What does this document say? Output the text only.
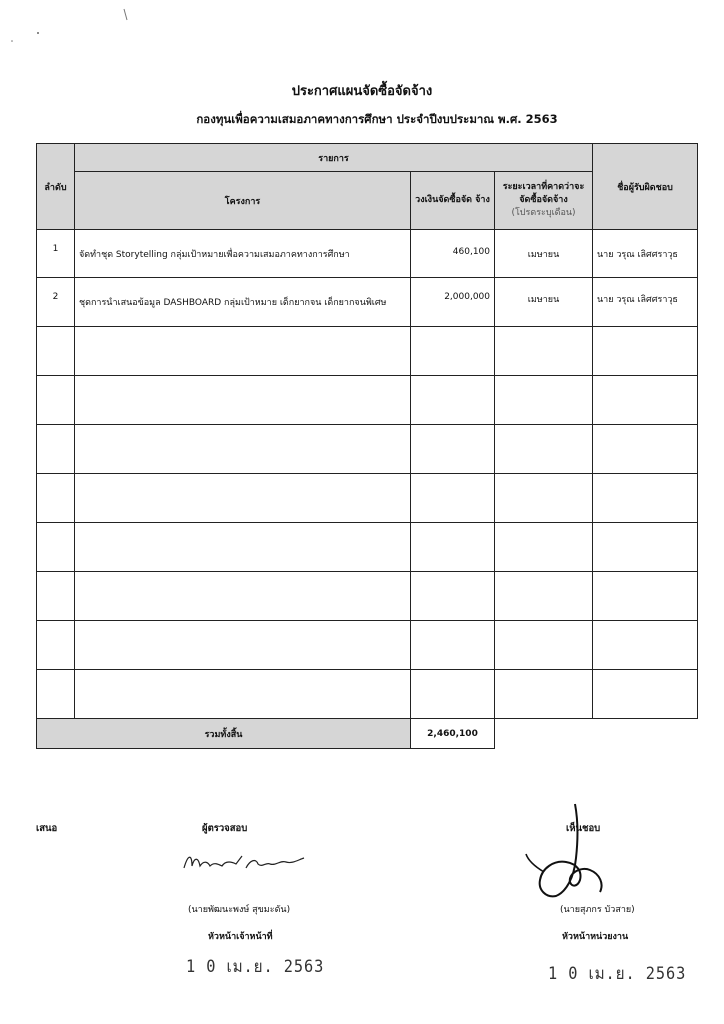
ประกาศแผนจัดซื้อจัดจ้าง
กองทุนเพื่อความเสมอภาคทางการศึกษา ประจำปีงบประมาณ พ.ศ. 2563
ลำดับ	รายการ			ชื่อผู้รับผิดชอบ
	โครงการ	วงเงินจัดซื้อจัด จ้าง	ระยะเวลาที่คาดว่าจะ จัดซื้อจัดจ้าง
(โปรดระบุเดือน)	

1	จัดทำชุด Storytelling กลุ่มเป้าหมายเพื่อความเสมอภาคทางการศึกษา	460,100	เมษายน	นาย วรุณ เลิศศราวุธ
2	ชุดการนำเสนอข้อมูล DASHBOARD กลุ่มเป้าหมาย เด็กยากจน เด็กยากจนพิเศษ	2,000,000	เมษายน	นาย วรุณ เลิศศราวุธ

รวมทั้งสิ้น		2,460,100		
เสนอ	ผู้ตรวจสอบ	เห็นชอบ
(นายพัฒนะพงษ์ สุขมะดัน)	(นายสุภกร บัวสาย)
หัวหน้าเจ้าหน้าที่	หัวหน้าหน่วยงาน
1 0 เม.ย. 2563	1 0 เม.ย. 2563
